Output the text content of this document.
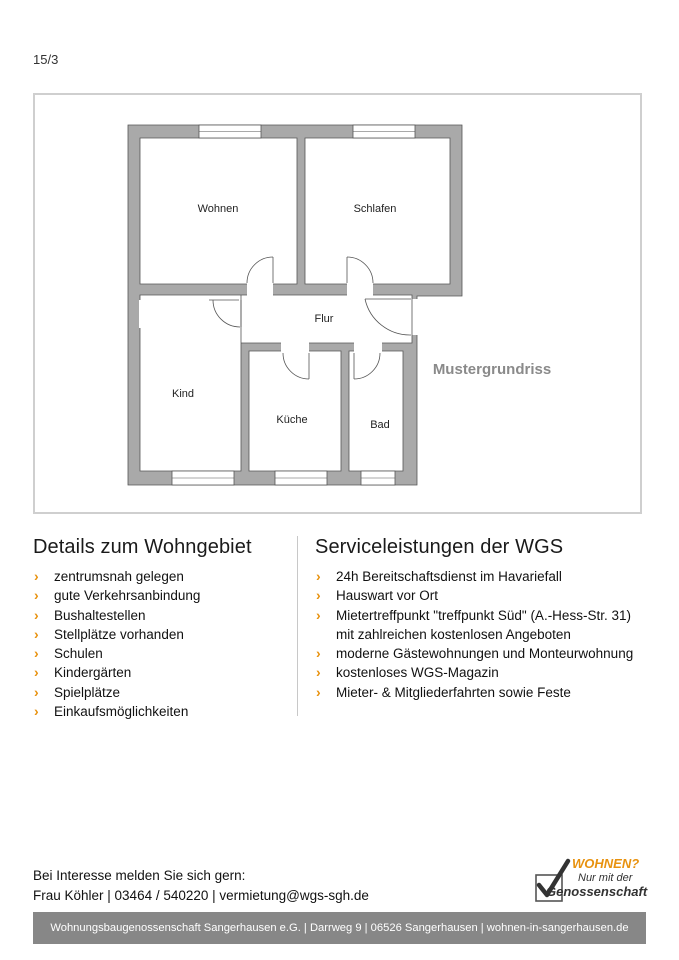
15/3
Wohnen	Schlafen
Flur
Kind
Küche	Bad
Mustergrundriss
Details zum Wohngebiet
› zentrumsnah gelegen
› gute Verkehrsanbindung
› Bushaltestellen
› Stellplätze vorhanden
› Schulen
› Kindergärten
› Spielplätze
› Einkaufsmöglichkeiten
Serviceleistungen der WGS
› 24h Bereitschaftsdienst im Havariefall
› Hauswart vor Ort
› Mietertreffpunkt "treffpunkt Süd" (A.-Hess-Str. 31)
mit zahlreichen kostenlosen Angeboten
› moderne Gästewohnungen und Monteurwohnung
› kostenloses WGS-Magazin
› Mieter- & Mitgliederfahrten sowie Feste
Bei Interesse melden Sie sich gern:
Frau Köhler | 03464 / 540220 | vermietung@wgs-sgh.de
WOHNEN?
Nur mit der
Genossenschaft
Wohnungsbaugenossenschaft Sangerhausen e.G. | Darrweg 9 | 06526 Sangerhausen | wohnen-in-sangerhausen.de
